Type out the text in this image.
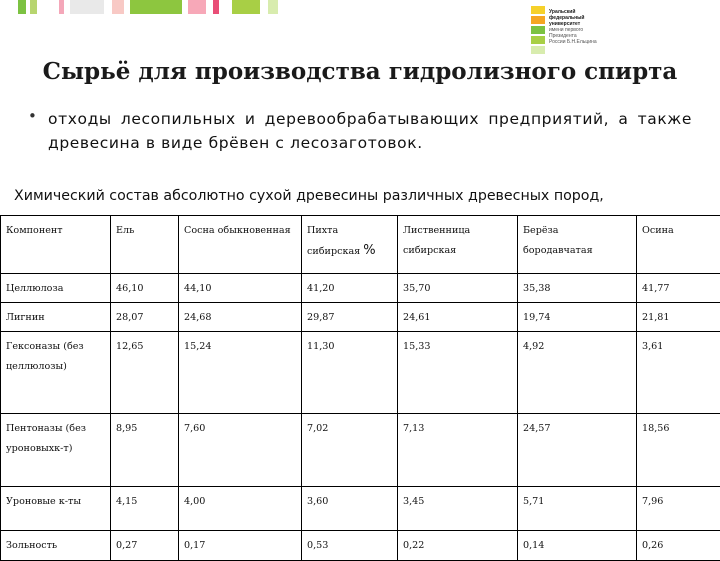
Уральский
федеральный
университет
имени первого Президента
России Б.Н.Ельцина
Сырьё для производства гидролизного спирта
• отходы лесопильных и деревообрабатывающих предприятий, а также древесина в виде брёвен с лесозаготовок.
Химический состав абсолютно сухой древесины различных древесных пород,
Компонент	Ель	Сосна обыкновенная	Пихта сибирская %	Лиственница сибирская	Берёза бородавчатая	Осина
Целлюлоза	46,10	44,10	41,20	35,70	35,38	41,77
Лигнин	28,07	24,68	29,87	24,61	19,74	21,81
Гексоназы (без целлюлозы)	12,65	15,24	11,30	15,33	4,92	3,61
Пентоназы (без уроновыхк-т)	8,95	7,60	7,02	7,13	24,57	18,56
Уроновые к-ты	4,15	4,00	3,60	3,45	5,71	7,96
Зольность	0,27	0,17	0,53	0,22	0,14	0,26
